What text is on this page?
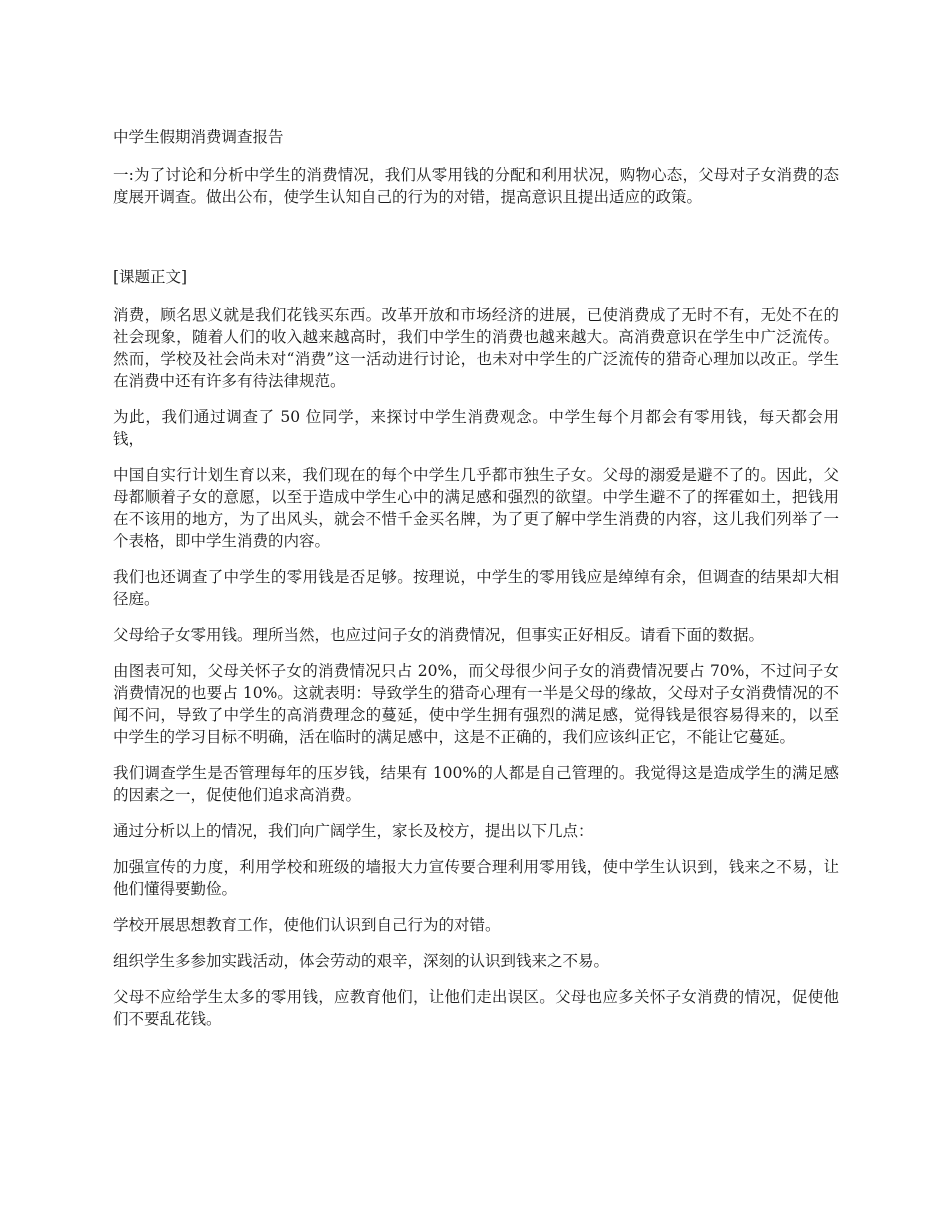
中学生假期消费调查报告

一:为了讨论和分析中学生的消费情况，我们从零用钱的分配和利用状况，购物心态，父母对子女消费的态度展开调查。做出公布，使学生认知自己的行为的对错，提高意识且提出适应的政策。

[课题正文]

消费，顾名思义就是我们花钱买东西。改革开放和市场经济的进展，已使消费成了无时不有，无处不在的社会现象，随着人们的收入越来越高时，我们中学生的消费也越来越大。高消费意识在学生中广泛流传。然而，学校及社会尚未对“消费”这一活动进行讨论，也未对中学生的广泛流传的猎奇心理加以改正。学生在消费中还有许多有待法律规范。

为此，我们通过调查了 50 位同学，来探讨中学生消费观念。中学生每个月都会有零用钱，每天都会用钱，

中国自实行计划生育以来，我们现在的每个中学生几乎都市独生子女。父母的溺爱是避不了的。因此，父母都顺着子女的意愿，以至于造成中学生心中的满足感和强烈的欲望。中学生避不了的挥霍如土，把钱用在不该用的地方，为了出风头，就会不惜千金买名牌，为了更了解中学生消费的内容，这儿我们列举了一个表格，即中学生消费的内容。

我们也还调查了中学生的零用钱是否足够。按理说，中学生的零用钱应是绰绰有余，但调查的结果却大相径庭。

父母给子女零用钱。理所当然，也应过问子女的消费情况，但事实正好相反。请看下面的数据。

由图表可知，父母关怀子女的消费情况只占 20%，而父母很少问子女的消费情况要占 70%，不过问子女消费情况的也要占 10%。这就表明：导致学生的猎奇心理有一半是父母的缘故，父母对子女消费情况的不闻不问，导致了中学生的高消费理念的蔓延，使中学生拥有强烈的满足感，觉得钱是很容易得来的，以至中学生的学习目标不明确，活在临时的满足感中，这是不正确的，我们应该纠正它，不能让它蔓延。

我们调查学生是否管理每年的压岁钱，结果有 100%的人都是自己管理的。我觉得这是造成学生的满足感的因素之一，促使他们追求高消费。

通过分析以上的情况，我们向广阔学生，家长及校方，提出以下几点：

加强宣传的力度，利用学校和班级的墙报大力宣传要合理利用零用钱，使中学生认识到，钱来之不易，让他们懂得要勤俭。

学校开展思想教育工作，使他们认识到自己行为的对错。

组织学生多参加实践活动，体会劳动的艰辛，深刻的认识到钱来之不易。

父母不应给学生太多的零用钱，应教育他们，让他们走出误区。父母也应多关怀子女消费的情况，促使他们不要乱花钱。
